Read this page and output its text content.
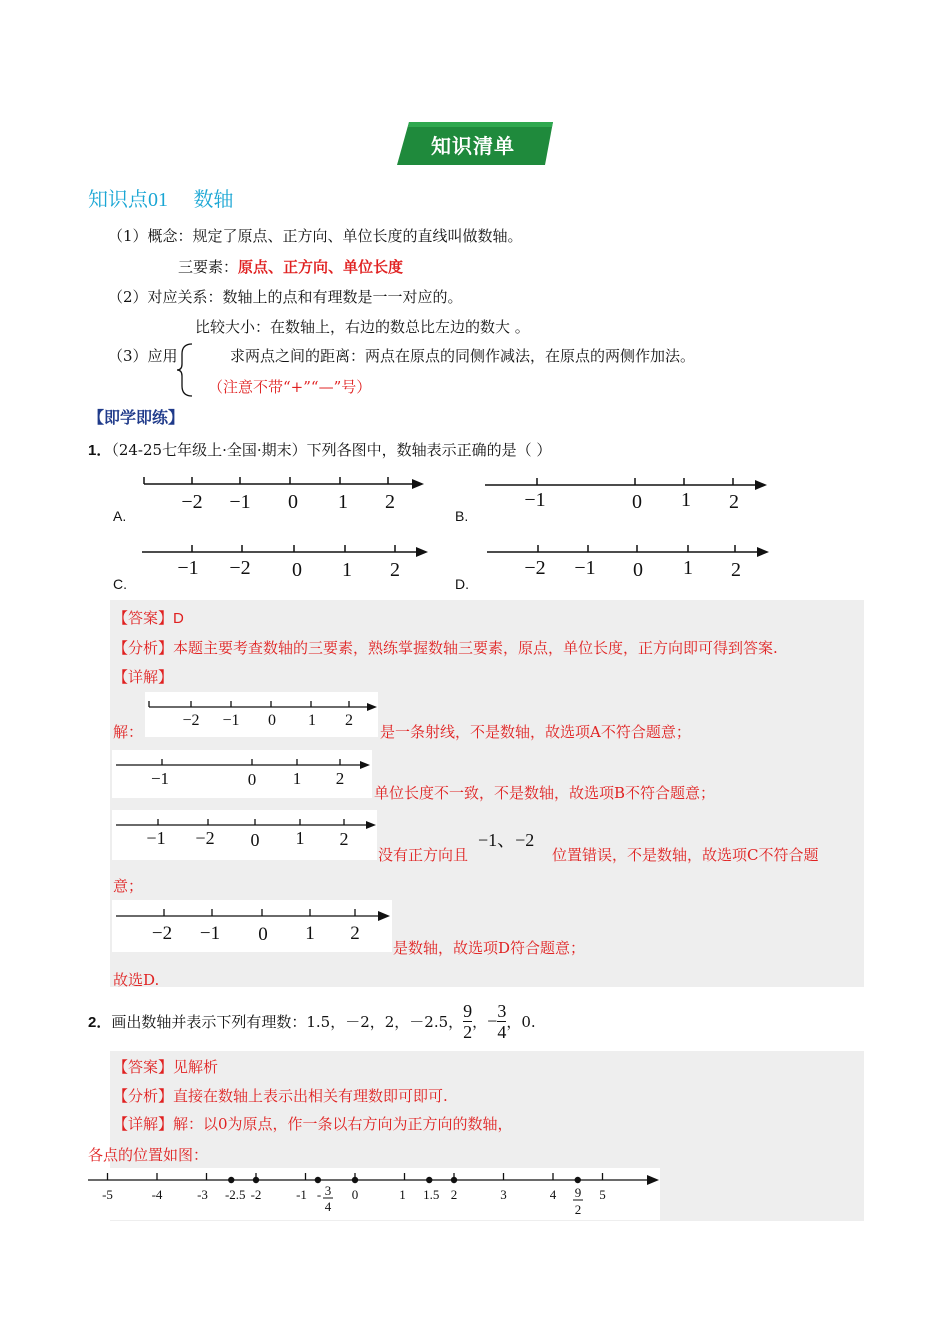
知识清单
知识点01 数轴
（1）概念：规定了原点、正方向、单位长度的直线叫做数轴。
三要素：原点、正方向、单位长度
（2）对应关系：数轴上的点和有理数是一一对应的。
比较大小：在数轴上，右边的数总比左边的数大 。
（3）应用	求两点之间的距离：两点在原点的同侧作减法，在原点的两侧作加法。
（注意不带“+”“—”号）
【即学即练】
1．（24-25七年级上·全国·期末）下列各图中，数轴表示正确的是（ ）
−2 −1 0 1 2
A.
−1	0 1 2
B.
−1 −2 0 1 2
C.
−2 −1 0 1 2
D.
【答案】D
【分析】本题主要考查数轴的三要素，熟练掌握数轴三要素，原点，单位长度，正方向即可得到答案.
【详解】
解：
−2 −1 0 1 2
是一条射线，不是数轴，故选项A不符合题意；
−1	0 1 2
单位长度不一致，不是数轴，故选项B不符合题意；
−1 −2 0 1 2
没有正方向且
−1、−2
位置错误，不是数轴，故选项C不符合题
意；
−2 −1 0 1 2
是数轴，故选项D符合题意；
故选D.
2． 画出数轴并表示下列有理数：1.5，－2，2，－2.5， $\frac{9}{2}$ ， − $\frac{3}{4}$ ，0.
【答案】见解析
【分析】直接在数轴上表示出相关有理数即可即可.
【详解】解：以0为原点，作一条以右方向为正方向的数轴，
各点的位置如图：
-5	-4	-3 -2.5 -2	-1	0	1 1.5 2	3	4	5
- 3
4
9
2
